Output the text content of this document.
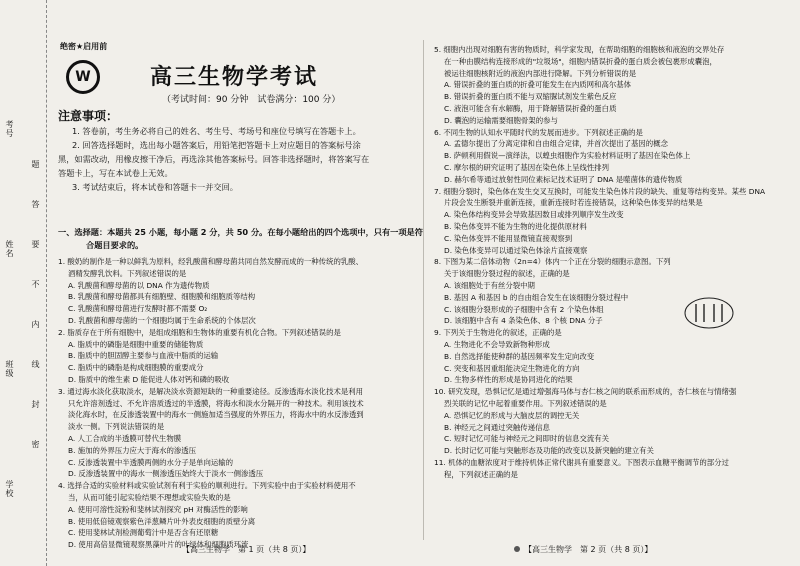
考号
姓名
班级
学校
题
答
要
不
内
线
封
密
绝密★启用前
W	高三生物学考试
（考试时间：90 分钟　试卷满分：100 分）
注意事项：
1. 答卷前，考生务必将自己的姓名、考生号、考场号和座位号填写在答题卡上。
2. 回答选择题时，选出每小题答案后，用铅笔把答题卡上对应题目的答案标号涂
黑，如需改动，用橡皮擦干净后，再选涂其他答案标号。回答非选择题时，将答案写在
答题卡上，写在本试卷上无效。
3. 考试结束后，将本试卷和答题卡一并交回。
一、选择题：本题共 25 小题，每小题 2 分，共 50 分。在每小题给出的四个选项中，只有一项是符
合题目要求的。
1. 酸奶的制作是一种以鲜乳为原料，经乳酸菌和酵母菌共同自然发酵而成的一种传统的乳酸、
酒精发酵乳饮料。下列叙述错误的是
A. 乳酸菌和酵母菌的以 DNA 作为遗传物质
B. 乳酸菌和酵母菌都具有细胞壁、细胞膜和细胞质等结构
C. 乳酸菌和酵母菌进行发酵时都不需要 O₂
D. 乳酸菌和酵母菌的一个细胞均属于生命系统的个体层次
2. 脂质存在于所有细胞中，是组成细胞和生物体的重要有机化合物。下列叙述错误的是
A. 脂质中的磷脂是细胞中重要的储能物质
B. 脂质中的胆固醇主要参与血液中脂质的运输
C. 脂质中的磷脂是构成细胞膜的重要成分
D. 脂质中的维生素 D 能促进人体对钙和磷的吸收
3. 通过海水淡化获取淡水，是解决淡水资源短缺的一种重要途径。反渗透海水淡化技术是利用
只允许溶剂透过、不允许溶质透过的半透膜，将海水和淡水分隔开的一种技术。利用该技术
淡化海水时，在反渗透装置中的海水一侧施加适当强度的外界压力，将海水中的水反渗透到
淡水一侧。下列说法错误的是
A. 人工合成的半透膜可替代生物膜
B. 施加的外界压力应大于海水的渗透压
C. 反渗透装置中半透膜两侧的水分子是单向运输的
D. 反渗透装置中的海水一侧渗透压始终大于淡水一侧渗透压
4. 选择合适的实验材料或实验试剂有利于实验的顺利进行。下列实验中由于实验材料使用不
当，从而可能引起实验结果不理想或实验失败的是
A. 使用可溶性淀粉和斐林试剂探究 pH 对酶活性的影响
B. 使用低倍镜观察紫色洋葱鳞片叶外表皮细胞的质壁分离
C. 使用斐林试剂检测葡萄汁中是否含有还原糖
D. 使用高倍显微镜观察黑藻叶片的叶绿体和细胞质环流
【高三生物学　第 1 页（共 8 页）】
5. 细胞内出现对细胞有害的物质时，科学家发现，在帮助细胞的细胞核和液泡的交界处存
在一种由膜结构连接形成的"垃圾场"，细胞内错误折叠的蛋白质会被包裹形成囊泡，
被运往细胞核附近的液泡内部进行降解。下列分析错误的是
A. 错误折叠的蛋白质的折叠可能发生在内质网和高尔基体
B. 错误折叠的蛋白质不能与双缩脲试剂发生紫色反应
C. 液泡可能含有水解酶，用于降解错误折叠的蛋白质
D. 囊泡的运输需要细胞骨架的参与
6. 不同生物的认知水平随时代的发展而进步。下列叙述正确的是
A. 孟德尔提出了分离定律和自由组合定律，并首次提出了基因的概念
B. 萨顿利用假说—演绎法，以蝗虫细胞作为实验材料证明了基因在染色体上
C. 摩尔根的研究证明了基因在染色体上呈线性排列
D. 赫尔希等通过放射性同位素标记技术证明了 DNA 是噬菌体的遗传物质
7. 细胞分裂时，染色体在发生交叉互换时，可能发生染色体片段的缺失、重复等结构变异。某些 DNA
片段会发生断裂并重新连接，重新连接时若连接错误，这种染色体变异的结果是
A. 染色体结构变异会导致基因数目或排列顺序发生改变
B. 染色体变异不能为生物的进化提供原材料
C. 染色体变异不能用显微镜直接观察到
D. 染色体变异可以通过染色体涂片直接观察
8. 下图为某二倍体动物（2n=4）体内一个正在分裂的细胞示意图。下列
关于该细胞分裂过程的叙述，正确的是
A. 该细胞处于有丝分裂中期
B. 基因 A 和基因 b 的自由组合发生在该细胞分裂过程中
C. 该细胞分裂形成的子细胞中含有 2 个染色体组
D. 该细胞中含有 4 条染色体、8 个核 DNA 分子
9. 下列关于生物进化的叙述，正确的是
A. 生物进化不会导致新物种形成
B. 自然选择能使种群的基因频率发生定向改变
C. 突变和基因重组能决定生物进化的方向
D. 生物多样性的形成是协同进化的结果
10. 研究发现，恐惧记忆是通过增强海马体与杏仁核之间的联系而形成的，杏仁核在与情绪强
烈关联的记忆中起着重要作用。下列叙述错误的是
A. 恐惧记忆的形成与大脑皮层的调控无关
B. 神经元之间通过突触传递信息
C. 短时记忆可能与神经元之间即时的信息交流有关
D. 长时记忆可能与突触形态及功能的改变以及新突触的建立有关
11. 机体的血糖浓度对于维持机体正常代谢具有重要意义。下图表示血糖平衡调节的部分过
程，下列叙述正确的是
【高三生物学　第 2 页（共 8 页）】
